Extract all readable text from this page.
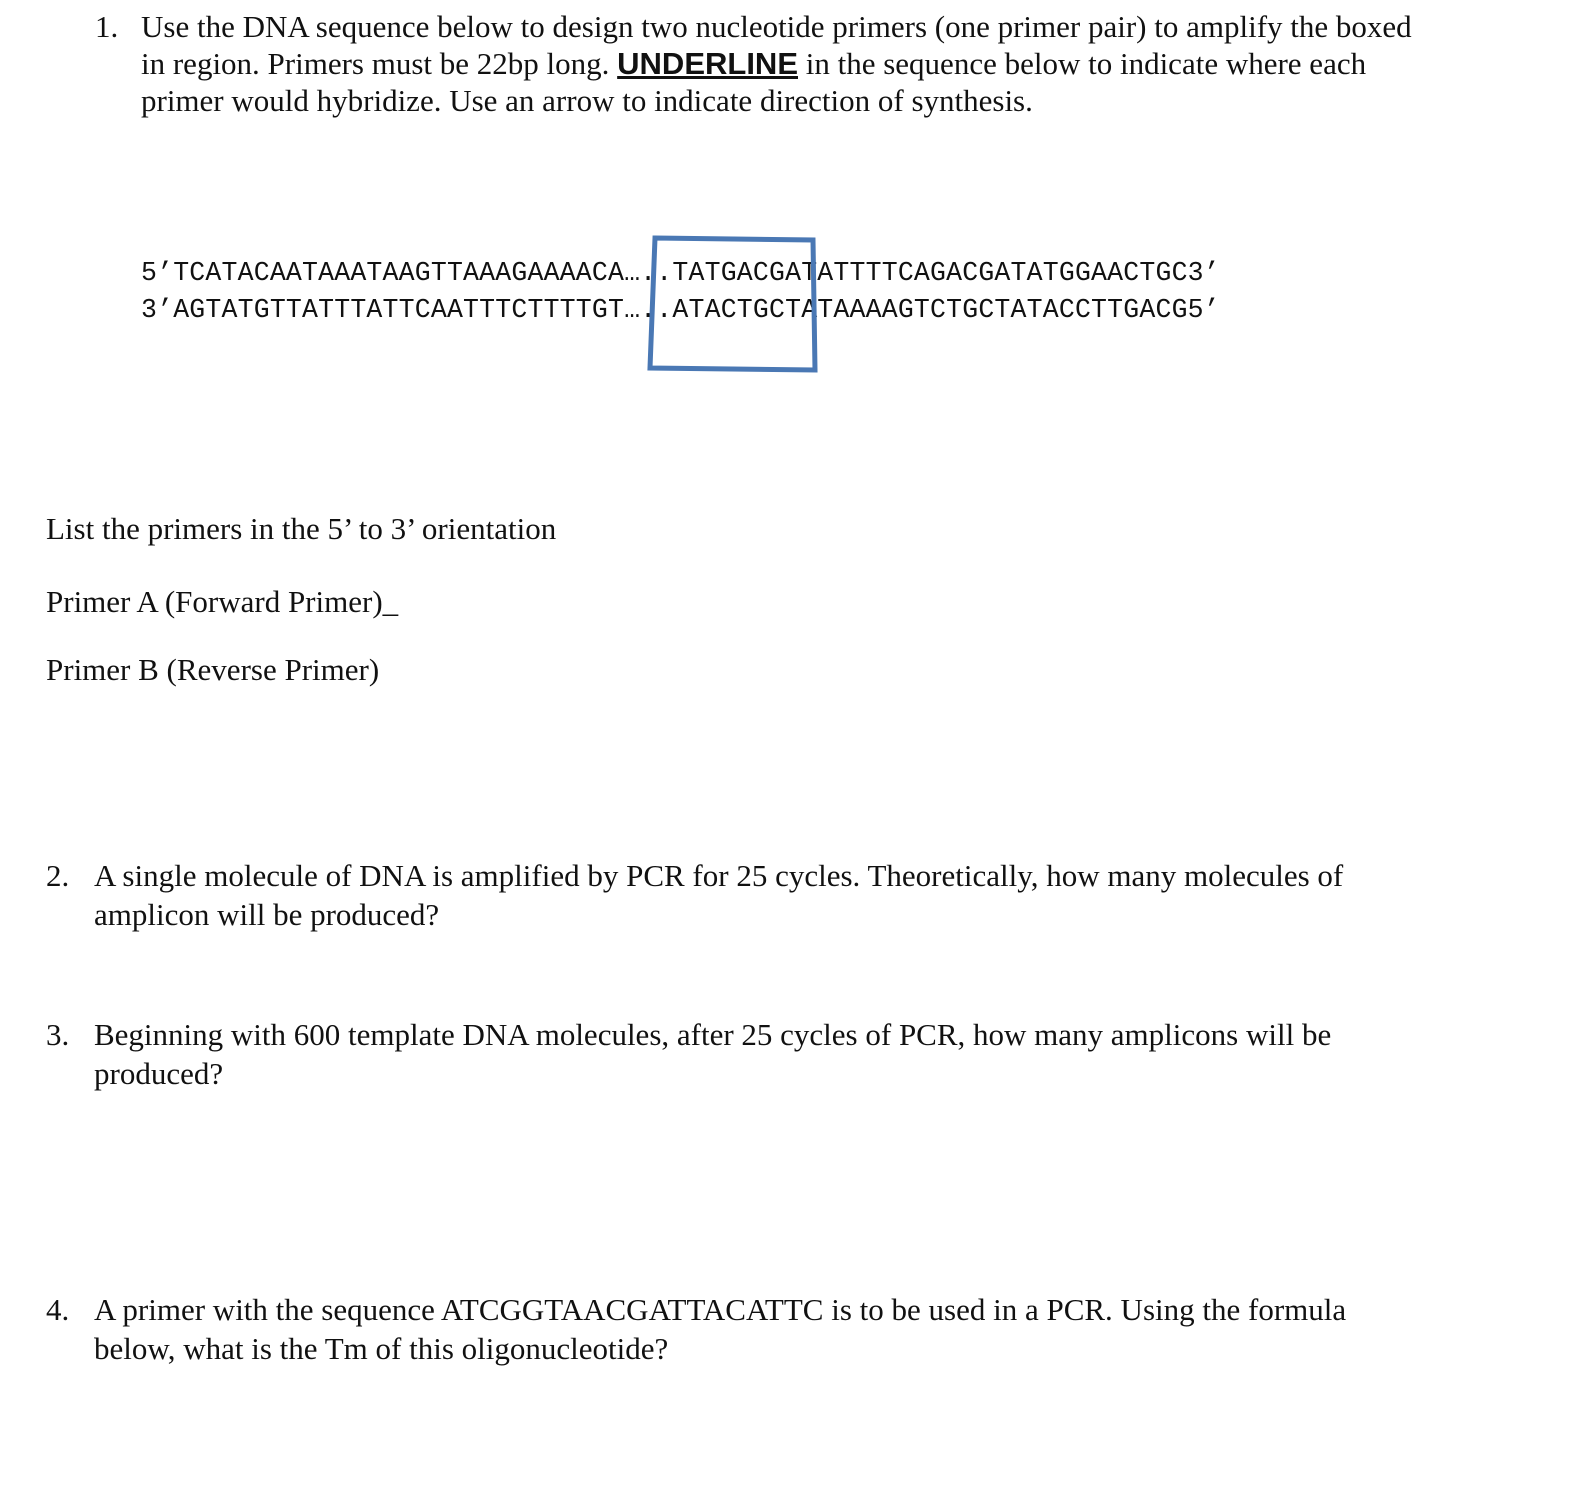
1. Use the DNA sequence below to design two nucleotide primers (one primer pair) to amplify the boxed
in region. Primers must be 22bp long. UNDERLINE in the sequence below to indicate where each
primer would hybridize. Use an arrow to indicate direction of synthesis.
5’TCATACAATAAATAAGTTAAAGAAAACA…..TATGACGATATTTTCAGACGATATGGAACTGC3’
3’AGTATGTTATTTATTCAATTTCTTTTGT…..ATACTGCTATAAAAGTCTGCTATACCTTGACG5’
List the primers in the 5’ to 3’ orientation
Primer A (Forward Primer)_
Primer B (Reverse Primer)
2. A single molecule of DNA is amplified by PCR for 25 cycles. Theoretically, how many molecules of
amplicon will be produced?
3. Beginning with 600 template DNA molecules, after 25 cycles of PCR, how many amplicons will be
produced?
4. A primer with the sequence ATCGGTAACGATTACATTC is to be used in a PCR. Using the formula
below, what is the Tm of this oligonucleotide?
